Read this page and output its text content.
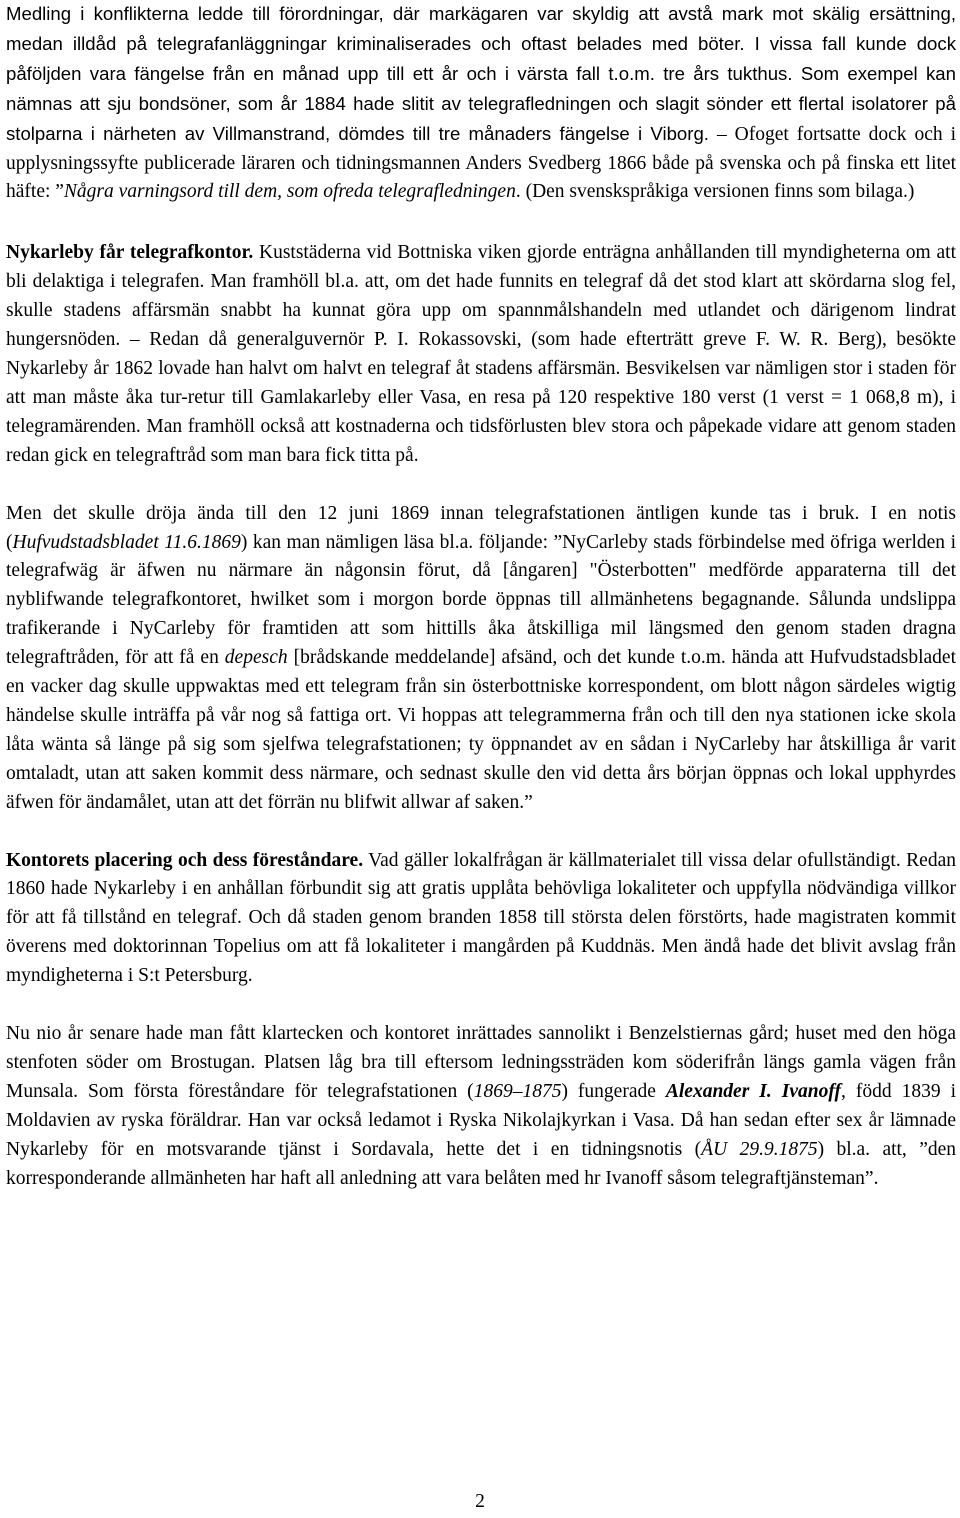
Medling i konflikterna ledde till förordningar, där markägaren var skyldig att avstå mark mot skälig ersättning, medan illdåd på telegrafanläggningar kriminaliserades och oftast belades med böter. I vissa fall kunde dock påföljden vara fängelse från en månad upp till ett år och i värsta fall t.o.m. tre års tukthus. Som exempel kan nämnas att sju bondsöner, som år 1884 hade slitit av telegrafledningen och slagit sönder ett flertal isolatorer på stolparna i närheten av Villmanstrand, dömdes till tre månaders fängelse i Viborg. – Ofoget fortsatte dock och i upplysningssyfte publicerade läraren och tidningsmannen Anders Svedberg 1866 både på svenska och på finska ett litet häfte: ”Några varningsord till dem, som ofreda telegrafledningen. (Den svenskspråkiga versionen finns som bilaga.)

Nykarleby får telegrafkontor. Kuststäderna vid Bottniska viken gjorde enträgna anhållanden till myndigheterna om att bli delaktiga i telegrafen. Man framhöll bl.a. att, om det hade funnits en telegraf då det stod klart att skördarna slog fel, skulle stadens affärsmän snabbt ha kunnat göra upp om spannmålshandeln med utlandet och därigenom lindrat hungersnöden. – Redan då generalguvernör P. I. Rokassovski, (som hade efterträtt greve F. W. R. Berg), besökte Nykarleby år 1862 lovade han halvt om halvt en telegraf åt stadens affärsmän. Besvikelsen var nämligen stor i staden för att man måste åka tur-retur till Gamlakarleby eller Vasa, en resa på 120 respektive 180 verst (1 verst = 1 068,8 m), i telegramärenden. Man framhöll också att kostnaderna och tidsförlusten blev stora och påpekade vidare att genom staden redan gick en telegraftråd som man bara fick titta på.

Men det skulle dröja ända till den 12 juni 1869 innan telegrafstationen äntligen kunde tas i bruk. I en notis (Hufvudstadsbladet 11.6.1869) kan man nämligen läsa bl.a. följande: ”NyCarleby stads förbindelse med öfriga werlden i telegrafwäg är äfwen nu närmare än någonsin förut, då [ångaren] "Österbotten" medförde apparaterna till det nyblifwande telegrafkontoret, hwilket som i morgon borde öppnas till allmänhetens begagnande. Sålunda undslippa trafikerande i NyCarleby för framtiden att som hittills åka åtskilliga mil längsmed den genom staden dragna telegraftråden, för att få en depesch [brådskande meddelande] afsänd, och det kunde t.o.m. hända att Hufvudstadsbladet en vacker dag skulle uppwaktas med ett telegram från sin österbottniske korrespondent, om blott någon särdeles wigtig händelse skulle inträffa på vår nog så fattiga ort. Vi hoppas att telegrammerna från och till den nya stationen icke skola låta wänta så länge på sig som sjelfwa telegrafstationen; ty öppnandet av en sådan i NyCarleby har åtskilliga år varit omtaladt, utan att saken kommit dess närmare, och sednast skulle den vid detta års början öppnas och lokal upphyrdes äfwen för ändamålet, utan att det förrän nu blifwit allwar af saken.”

Kontorets placering och dess föreståndare. Vad gäller lokalfrågan är källmaterialet till vissa delar ofullständigt. Redan 1860 hade Nykarleby i en anhållan förbundit sig att gratis upplåta behövliga lokaliteter och uppfylla nödvändiga villkor för att få tillstånd en telegraf. Och då staden genom branden 1858 till största delen förstörts, hade magistraten kommit överens med doktorinnan Topelius om att få lokaliteter i mangården på Kuddnäs. Men ändå hade det blivit avslag från myndigheterna i S:t Petersburg.

Nu nio år senare hade man fått klartecken och kontoret inrättades sannolikt i Benzelstiernas gård; huset med den höga stenfoten söder om Brostugan. Platsen låg bra till eftersom ledningssträden kom söderifrån längs gamla vägen från Munsala. Som första föreståndare för telegrafstationen (1869–1875) fungerade Alexander I. Ivanoff, född 1839 i Moldavien av ryska föräldrar. Han var också ledamot i Ryska Nikolajkyrkan i Vasa. Då han sedan efter sex år lämnade Nykarleby för en motsvarande tjänst i Sordavala, hette det i en tidningsnotis (ÅU 29.9.1875) bl.a. att, ”den korresponderande allmänheten har haft all anledning att vara belåten med hr Ivanoff såsom telegraftjänsteman”.

2
